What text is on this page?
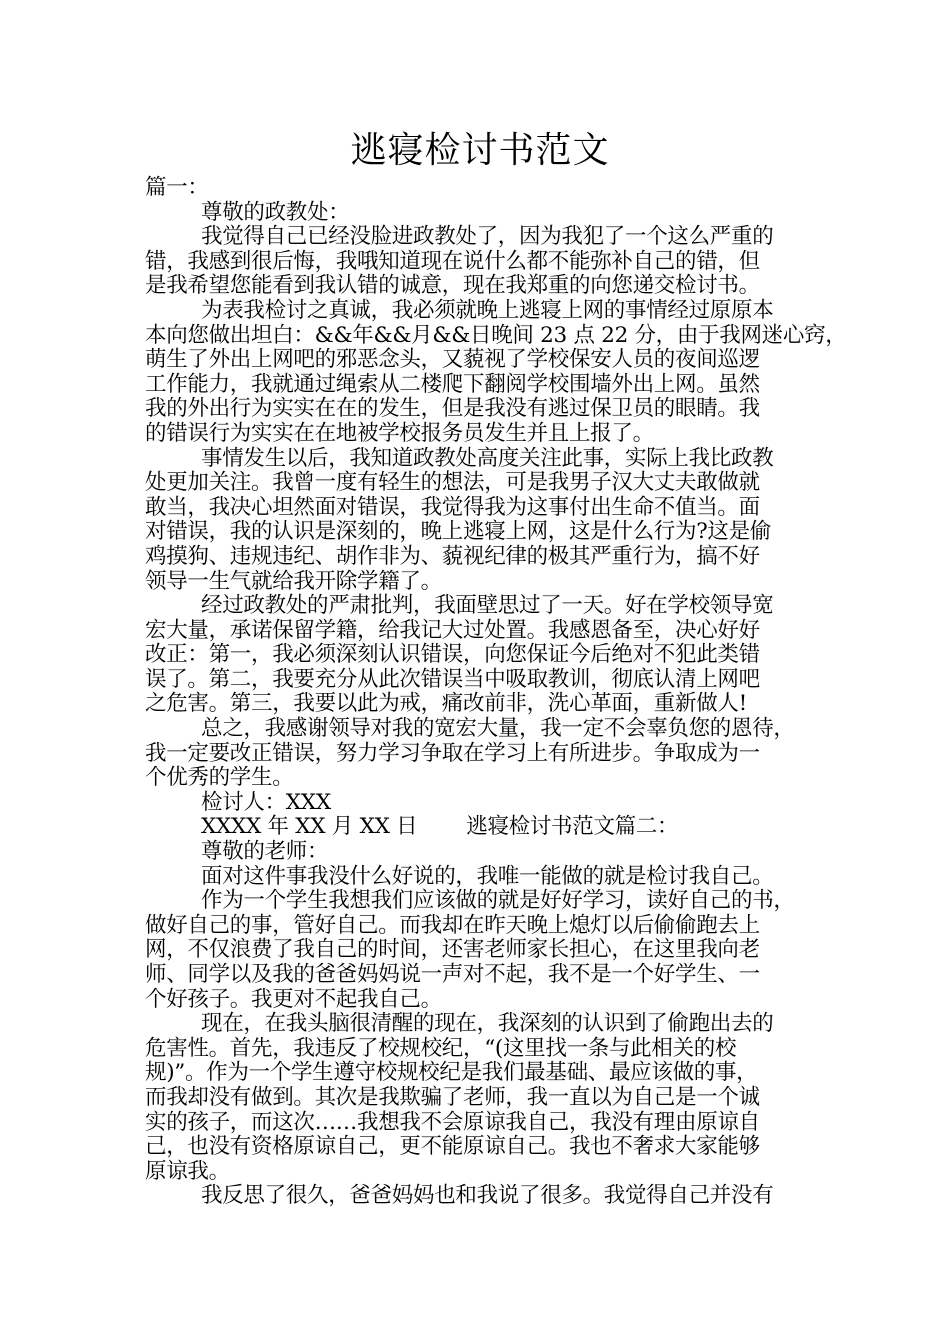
逃寝检讨书范文

篇一：

尊敬的政教处：

我觉得自己已经没脸进政教处了，因为我犯了一个这么严重的

错，我感到很后悔，我哦知道现在说什么都不能弥补自己的错，但

是我希望您能看到我认错的诚意，现在我郑重的向您递交检讨书。

为表我检讨之真诚，我必须就晚上逃寝上网的事情经过原原本

本向您做出坦白：&&年&&月&&日晚间 23 点 22 分，由于我网迷心窍，

萌生了外出上网吧的邪恶念头，又藐视了学校保安人员的夜间巡逻

工作能力，我就通过绳索从二楼爬下翻阅学校围墙外出上网。虽然

我的外出行为实实在在的发生，但是我没有逃过保卫员的眼睛。我

的错误行为实实在在地被学校报务员发生并且上报了。

事情发生以后，我知道政教处高度关注此事，实际上我比政教

处更加关注。我曾一度有轻生的想法，可是我男子汉大丈夫敢做就

敢当，我决心坦然面对错误，我觉得我为这事付出生命不值当。面

对错误，我的认识是深刻的，晚上逃寝上网，这是什么行为?这是偷

鸡摸狗、违规违纪、胡作非为、藐视纪律的极其严重行为，搞不好

领导一生气就给我开除学籍了。

经过政教处的严肃批判，我面壁思过了一天。好在学校领导宽

宏大量，承诺保留学籍，给我记大过处置。我感恩备至，决心好好

改正：第一，我必须深刻认识错误，向您保证今后绝对不犯此类错

误了。第二，我要充分从此次错误当中吸取教训，彻底认清上网吧

之危害。第三，我要以此为戒，痛改前非，洗心革面，重新做人!

总之，我感谢领导对我的宽宏大量，我一定不会辜负您的恩待，

我一定要改正错误，努力学习争取在学习上有所进步。争取成为一

个优秀的学生。

检讨人：XXX

XXXX 年 XX 月 XX 日　　 逃寝检讨书范文篇二：

尊敬的老师：

面对这件事我没什么好说的，我唯一能做的就是检讨我自己。

作为一个学生我想我们应该做的就是好好学习，读好自己的书，

做好自己的事，管好自己。而我却在昨天晚上熄灯以后偷偷跑去上

网，不仅浪费了我自己的时间，还害老师家长担心，在这里我向老

师、同学以及我的爸爸妈妈说一声对不起，我不是一个好学生、一

个好孩子。我更对不起我自己。

现在，在我头脑很清醒的现在，我深刻的认识到了偷跑出去的

危害性。首先，我违反了校规校纪，“(这里找一条与此相关的校

规)”。作为一个学生遵守校规校纪是我们最基础、最应该做的事，

而我却没有做到。其次是我欺骗了老师，我一直以为自己是一个诚

实的孩子，而这次……我想我不会原谅我自己，我没有理由原谅自

己，也没有资格原谅自己，更不能原谅自己。我也不奢求大家能够

原谅我。

我反思了很久，爸爸妈妈也和我说了很多。我觉得自己并没有
